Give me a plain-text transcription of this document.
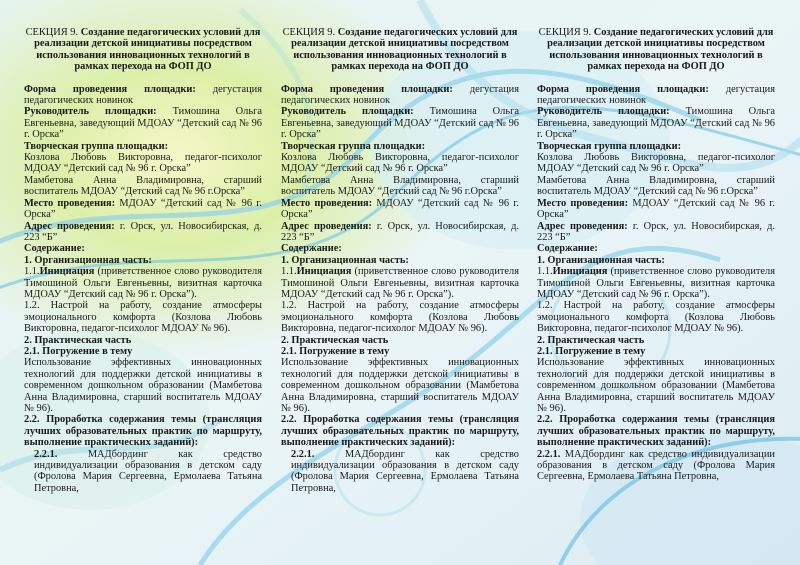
СЕКЦИЯ 9. Создание педагогических условий для реализации детской инициативы посредством использования инновационных технологий в рамках перехода на ФОП ДО

Форма проведения площадки: дегустация педагогических новинок

Руководитель площадки: Тимошина Ольга Евгеньевна, заведующий МДОАУ “Детский сад № 96 г. Орска”

Творческая группа площадки:

Козлова Любовь Викторовна, педагог-психолог МДОАУ “Детский сад № 96 г. Орска”

Мамбетова Анна Владимировна, старший воспитатель МДОАУ “Детский сад № 96 г.Орска”

Место проведения: МДОАУ “Детский сад № 96 г. Орска”

Адрес проведения: г. Орск, ул. Новосибирская, д. 223 “Б”

Содержание:

1. Организационная часть:

1.1.Инициация (приветственное слово руководителя Тимошиной Ольги Евгеньевны, визитная карточка МДОАУ “Детский сад № 96 г. Орска”).

1.2. Настрой на работу, создание атмосферы эмоционального комфорта (Козлова Любовь Викторовна, педагог-психолог МДОАУ № 96).

2. Практическая часть

2.1. Погружение в тему

Использование эффективных инновационных технологий для поддержки детской инициативы в современном дошкольном образовании (Мамбетова Анна Владимировна, старший воспитатель МДОАУ № 96).

2.2. Проработка содержания темы (трансляция лучших образовательных практик по маршруту, выполнение практических заданий):

2.2.1.	МАДбординг как средство индивидуализации образования в детском саду (Фролова Мария Сергеевна, Ермолаева Татьяна Петровна,

СЕКЦИЯ 9. Создание педагогических условий для реализации детской инициативы посредством использования инновационных технологий в рамках перехода на ФОП ДО

Форма проведения площадки: дегустация педагогических новинок

Руководитель площадки: Тимошина Ольга Евгеньевна, заведующий МДОАУ “Детский сад № 96 г. Орска”

Творческая группа площадки:

Козлова Любовь Викторовна, педагог-психолог МДОАУ “Детский сад № 96 г. Орска”

Мамбетова Анна Владимировна, старший воспитатель МДОАУ “Детский сад № 96 г.Орска”

Место проведения: МДОАУ “Детский сад № 96 г. Орска”

Адрес проведения: г. Орск, ул. Новосибирская, д. 223 “Б”

Содержание:

1. Организационная часть:

1.1.Инициация (приветственное слово руководителя Тимошиной Ольги Евгеньевны, визитная карточка МДОАУ “Детский сад № 96 г. Орска”).

1.2. Настрой на работу, создание атмосферы эмоционального комфорта (Козлова Любовь Викторовна, педагог-психолог МДОАУ № 96).

2. Практическая часть

2.1. Погружение в тему

Использование эффективных инновационных технологий для поддержки детской инициативы в современном дошкольном образовании (Мамбетова Анна Владимировна, старший воспитатель МДОАУ № 96).

2.2. Проработка содержания темы (трансляция лучших образовательных практик по маршруту, выполнение практических заданий):

2.2.1.	МАДбординг как средство индивидуализации образования в детском саду (Фролова Мария Сергеевна, Ермолаева Татьяна Петровна,

СЕКЦИЯ 9. Создание педагогических условий для реализации детской инициативы посредством использования инновационных технологий в рамках перехода на ФОП ДО

Форма проведения площадки: дегустация педагогических новинок

Руководитель площадки: Тимошина Ольга Евгеньевна, заведующий МДОАУ “Детский сад № 96 г. Орска”

Творческая группа площадки:

Козлова Любовь Викторовна, педагог-психолог МДОАУ “Детский сад № 96 г. Орска”

Мамбетова Анна Владимировна, старший воспитатель МДОАУ “Детский сад № 96 г.Орска”

Место проведения: МДОАУ “Детский сад № 96 г. Орска”

Адрес проведения: г. Орск, ул. Новосибирская, д. 223 “Б”

Содержание:

1. Организационная часть:

1.1.Инициация (приветственное слово руководителя Тимошиной Ольги Евгеньевны, визитная карточка МДОАУ “Детский сад № 96 г. Орска”).

1.2. Настрой на работу, создание атмосферы эмоционального комфорта (Козлова Любовь Викторовна, педагог-психолог МДОАУ № 96).

2. Практическая часть

2.1. Погружение в тему

Использование эффективных инновационных технологий для поддержки детской инициативы в современном дошкольном образовании (Мамбетова Анна Владимировна, старший воспитатель МДОАУ № 96).

2.2. Проработка содержания темы (трансляция лучших образовательных практик по маршруту, выполнение практических заданий):

2.2.1. МАДбординг как средство индивидуализации образования в детском саду (Фролова Мария Сергеевна, Ермолаева Татьяна Петровна,
